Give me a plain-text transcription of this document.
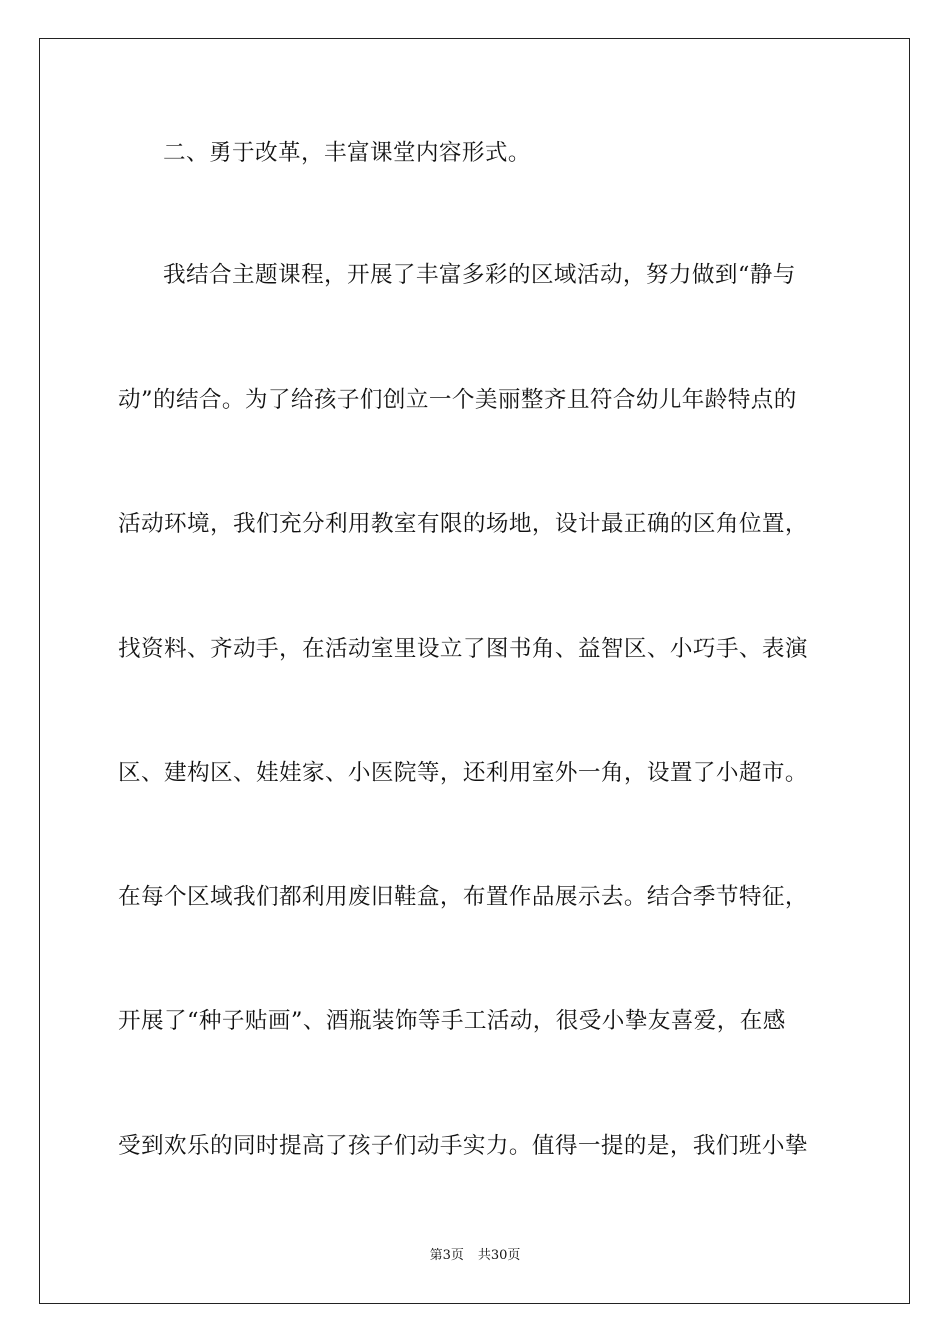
二、勇于改革，丰富课堂内容形式。
我结合主题课程，开展了丰富多彩的区域活动，努力做到“静与
动”的结合。为了给孩子们创立一个美丽整齐且符合幼儿年龄特点的
活动环境，我们充分利用教室有限的场地，设计最正确的区角位置，
找资料、齐动手，在活动室里设立了图书角、益智区、小巧手、表演
区、建构区、娃娃家、小医院等，还利用室外一角，设置了小超市。
在每个区域我们都利用废旧鞋盒，布置作品展示去。结合季节特征，
开展了“种子贴画”、酒瓶装饰等手工活动，很受小挚友喜爱，在感
受到欢乐的同时提高了孩子们动手实力。值得一提的是，我们班小挚
第3页 共30页
